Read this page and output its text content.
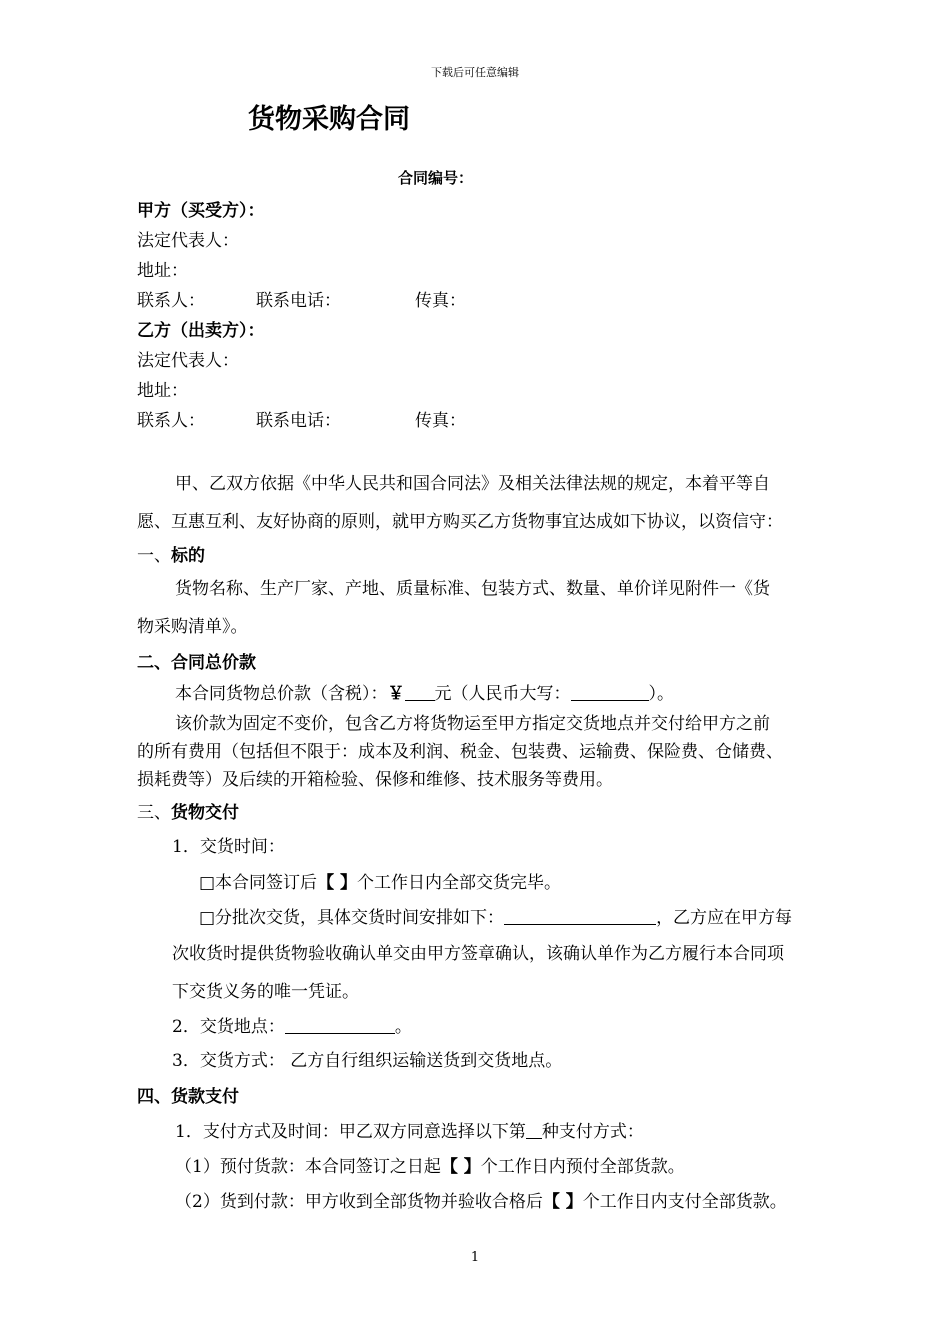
下载后可任意编辑
货物采购合同
合同编号：
甲方（买受方）：
法定代表人：
地址：
联系人：	联系电话：	传真：
乙方（出卖方）：
法定代表人：
地址：
联系人：	联系电话：	传真：
甲、乙双方依据《中华人民共和国合同法》及相关法律法规的规定，本着平等自
愿、互惠互利、友好协商的原则，就甲方购买乙方货物事宜达成如下协议，以资信守：
一、标的
货物名称、生产厂家、产地、质量标准、包装方式、数量、单价详见附件一《货
物采购清单》。
二、合同总价款
本合同货物总价款（含税）：￥ 元（人民币大写：	）。
该价款为固定不变价，包含乙方将货物运至甲方指定交货地点并交付给甲方之前
的所有费用（包括但不限于：成本及利润、税金、包装费、运输费、保险费、仓储费、
损耗费等）及后续的开箱检验、保修和维修、技术服务等费用。
三、货物交付
1．交货时间：
□本合同签订后【 】个工作日内全部交货完毕。
□分批次交货，具体交货时间安排如下：	，乙方应在甲方每
次收货时提供货物验收确认单交由甲方签章确认，该确认单作为乙方履行本合同项
下交货义务的唯一凭证。
2．交货地点：	。
3．交货方式： 乙方自行组织运输送货到交货地点。
四、货款支付
1．支付方式及时间：甲乙双方同意选择以下第 种支付方式：
（1）预付货款：本合同签订之日起【 】个工作日内预付全部货款。
（2）货到付款：甲方收到全部货物并验收合格后【 】个工作日内支付全部货款。
1
